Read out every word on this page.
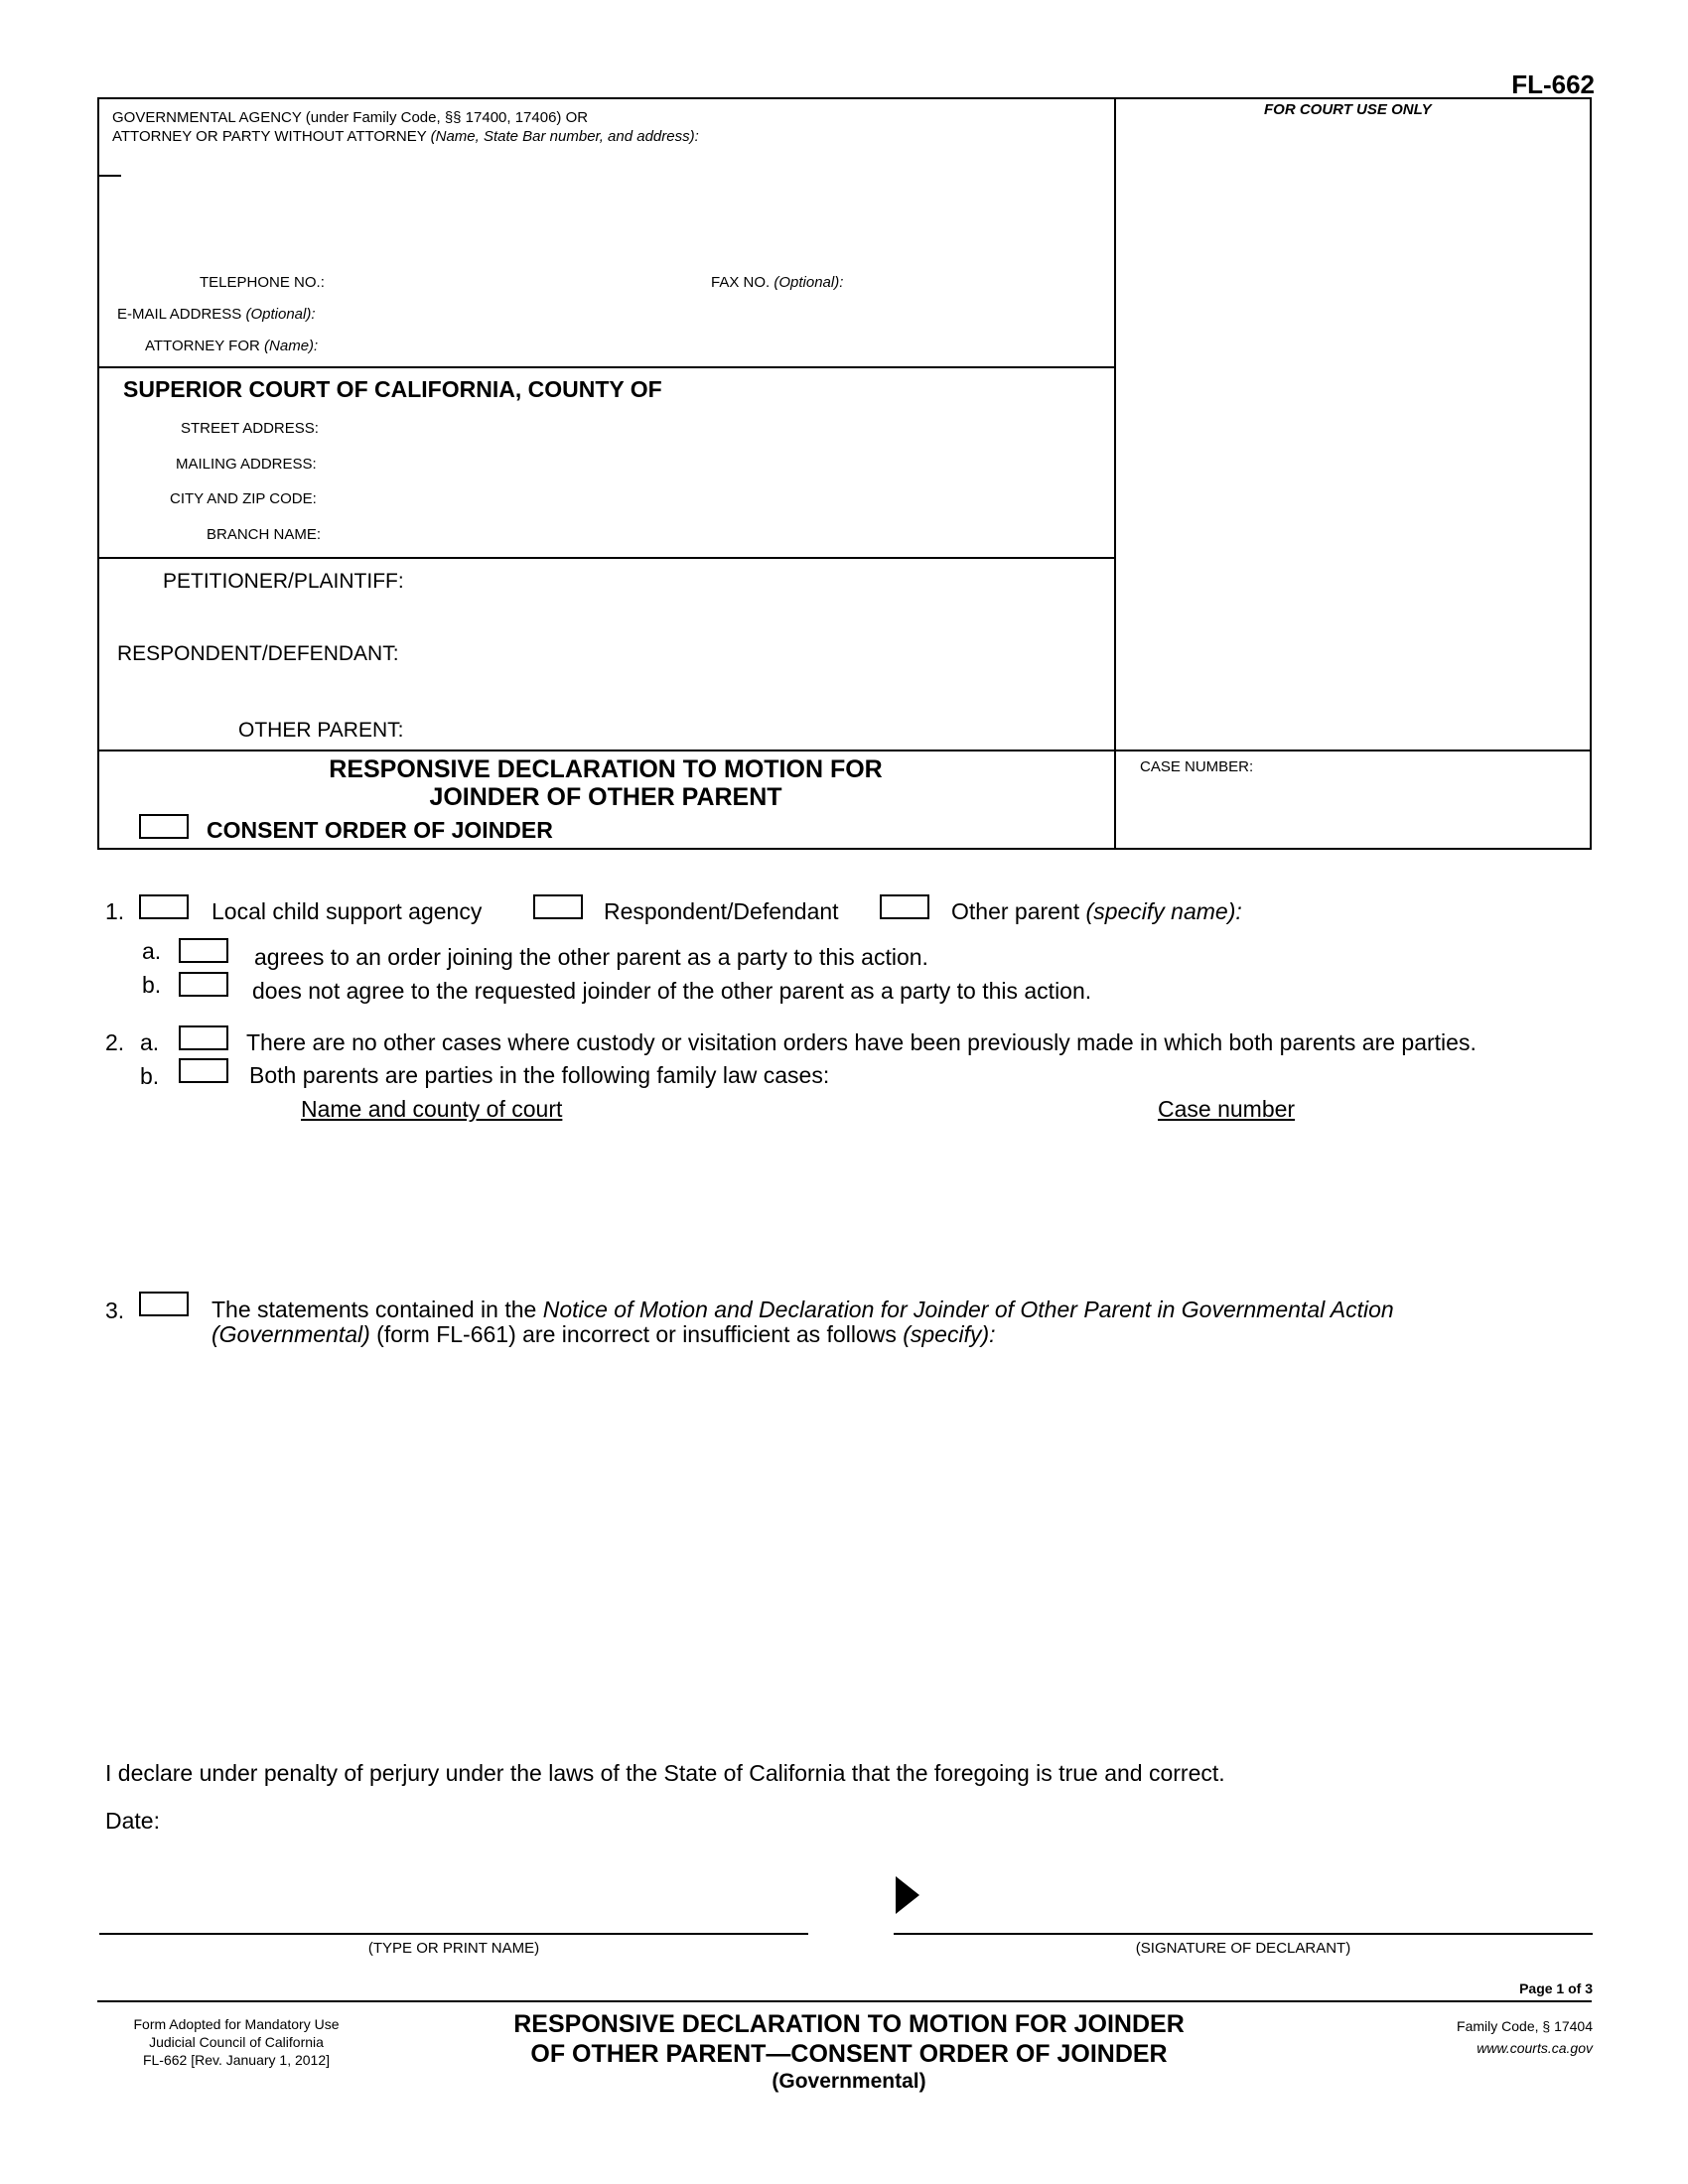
FL-662
GOVERNMENTAL AGENCY (under Family Code, §§ 17400, 17406) OR
ATTORNEY OR PARTY WITHOUT ATTORNEY (Name, State Bar number, and address):
FOR COURT USE ONLY
TELEPHONE NO.:	FAX NO. (Optional):
E-MAIL ADDRESS (Optional):
ATTORNEY FOR (Name):
SUPERIOR COURT OF CALIFORNIA, COUNTY OF
STREET ADDRESS:
MAILING ADDRESS:
CITY AND ZIP CODE:
BRANCH NAME:
PETITIONER/PLAINTIFF:
RESPONDENT/DEFENDANT:
OTHER PARENT:
RESPONSIVE DECLARATION TO MOTION FOR
JOINDER OF OTHER PARENT
CONSENT ORDER OF JOINDER
CASE NUMBER:
1.	Local child support agency	Respondent/Defendant	Other parent (specify name):
a.	agrees to an order joining the other parent as a party to this action.
b.	does not agree to the requested joinder of the other parent as a party to this action.
2. a.	There are no other cases where custody or visitation orders have been previously made in which both parents are parties.
b.	Both parents are parties in the following family law cases:
Name and county of court	Case number
3.	The statements contained in the Notice of Motion and Declaration for Joinder of Other Parent in Governmental Action
(Governmental) (form FL-661) are incorrect or insufficient as follows (specify):
I declare under penalty of perjury under the laws of the State of California that the foregoing is true and correct.
Date:
(TYPE OR PRINT NAME)	(SIGNATURE OF DECLARANT)
Page 1 of 3
Form Adopted for Mandatory Use
Judicial Council of California
FL-662 [Rev. January 1, 2012]
RESPONSIVE DECLARATION TO MOTION FOR JOINDER
OF OTHER PARENT—CONSENT ORDER OF JOINDER
(Governmental)
Family Code, § 17404
www.courts.ca.gov
